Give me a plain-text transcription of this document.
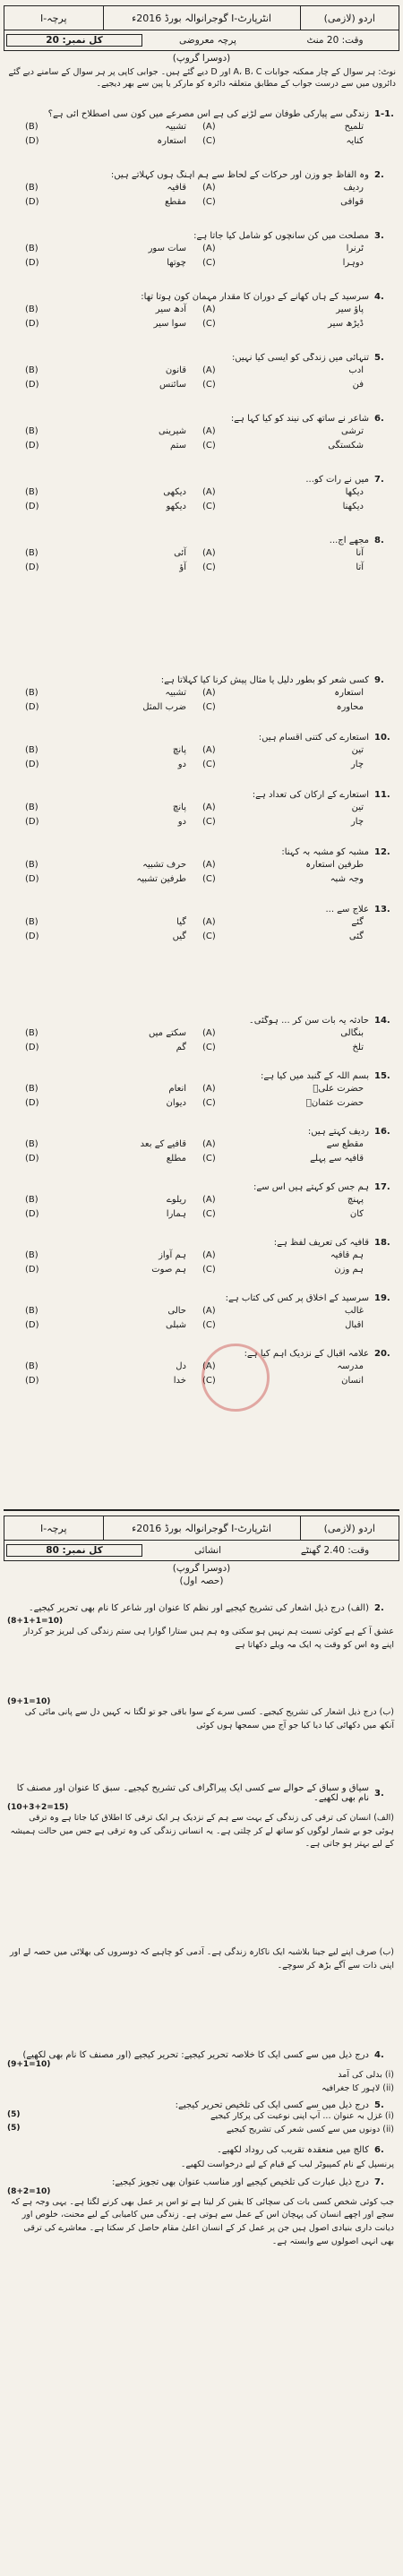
پرچہ-I	انٹرپارٹ-I گوجرانوالہ بورڈ 2016ء	اردو (لازمی)
کل نمبر: 20	پرچہ معروضی	وقت: 20 منٹ
(دوسرا گروپ)
نوٹ: ہر سوال کے چار ممکنہ جوابات A، B، C اور D دیے گئے ہیں۔ جوابی کاپی پر ہر سوال کے سامنے دیے گئے دائروں میں سے درست جواب کے مطابق متعلقہ دائرہ کو مارکر یا پین سے بھر دیجیے۔
1-1.
زندگی سے پیارکی طوفان سے لڑنے کی ہے اس مصرعے میں کون سی اصطلاح آئی ہے؟
تلمیح
(A)
تشبیہ
(B)
کنایہ
(C)
استعارہ
(D)
2.
وہ الفاظ جو وزن اور حرکات کے لحاظ سے ہم آہنگ ہوں کہلاتے ہیں:
ردیف
(A)
قافیہ
(B)
قوافی
(C)
مقطع
(D)
3.
مصلحت میں کن سانچوں کو شامل کیا جاتا ہے:
ٹرنرا
(A)
سات سور
(B)
دوہرا
(C)
چوتھا
(D)
4.
سرسید کے ہاں کھانے کے دوران کا مقدار مہمان کون ہوتا تھا:
پاؤ سیر
(A)
آدھ سیر
(B)
ڈیڑھ سیر
(C)
سوا سیر
(D)
5.
تنہائی میں زندگی کو ایسی کیا نہیں:
ادب
(A)
قانون
(B)
فن
(C)
سائنس
(D)
6.
شاعر نے ساتھ کی نیند کو کیا کہا ہے:
ترشی
(A)
شیرینی
(B)
شکستگی
(C)
ستم
(D)
7.
میں نے رات کو...
دیکھا
(A)
دیکھی
(B)
دیکھنا
(C)
دیکھو
(D)
8.
مجھے آج...
آنا
(A)
آئی
(B)
آتا
(C)
آؤ
(D)
9.
کسی شعر کو بطور دلیل یا مثال پیش کرنا کیا کہلاتا ہے:
استعارہ
(A)
تشبیہ
(B)
محاورہ
(C)
ضرب المثل
(D)
10.
استعارے کی کتنی اقسام ہیں:
تین
(A)
پانچ
(B)
چار
(C)
دو
(D)
11.
استعارے کے ارکان کی تعداد ہے:
تین
(A)
پانچ
(B)
چار
(C)
دو
(D)
12.
مشبہ کو مشبہ بہ کہنا:
طرفین استعارہ
(A)
حرف تشبیہ
(B)
وجہ شبہ
(C)
طرفین تشبیہ
(D)
13.
علاج سے ...
گئے
(A)
گیا
(B)
گئی
(C)
گیں
(D)
14.
حادثہ یہ بات سن کر ... ہوگئی۔
بنگالی
(A)
سکتے میں
(B)
تلخ
(C)
گم
(D)
15.
بسم اللہ کے گنبد میں کیا ہے:
حضرت علیؓ
(A)
انعام
(B)
حضرت عثمانؓ
(C)
دیوان
(D)
16.
ردیف کہتے ہیں:
مقطع سے
(A)
قافیے کے بعد
(B)
قافیہ سے پہلے
(C)
مطلع
(D)
17.
ہم جس کو کہتے ہیں اس سے:
پہنچ
(A)
ریلوے
(B)
کان
(C)
ہمارا
(D)
18.
قافیہ کی تعریف لفظ ہے:
ہم قافیہ
(A)
ہم آواز
(B)
ہم وزن
(C)
ہم صوت
(D)
19.
سرسید کے اخلاق پر کس کی کتاب ہے:
غالب
(A)
حالی
(B)
اقبال
(C)
شبلی
(D)
20.
علامہ اقبال کے نزدیک اہم کیا ہے:
مدرسہ
(A)
دل
(B)
انسان
(C)
خدا
(D)
پرچہ-I	انٹرپارٹ-I گوجرانوالہ بورڈ 2016ء	اردو (لازمی)
کل نمبر: 80	انشائی	وقت: 2.40 گھنٹے
(دوسرا گروپ)
(حصہ اول)
2.
(الف) درج ذیل اشعار کی تشریح کیجیے اور نظم کا عنوان اور شاعر کا نام بھی تحریر کیجیے۔
(8+1+1=10)
عشق آ کے ہے کوئی نسبت ہم نہیں ہو سکتی وہ ہم ہیں ستارا گوارا ہی ستم زندگی کی لبریز جو کردار اپنے وہ اس کو وقت پہ ایک مہ ویلے دکھاتا ہے
(9+1=10)
(ب) درج ذیل اشعار کی تشریح کیجیے۔ کسی سرے کے سوا باقی جو تو لگتا نہ کہیں دل سے پانی مائی کی آنکھ میں دکھائی کیا دیا کیا جو آج میں سمجھا ہوں کوئی
3.
سیاق و سباق کے حوالے سے کسی ایک پیراگراف کی تشریح کیجیے۔ سبق کا عنوان اور مصنف کا نام بھی لکھیے۔
(10+3+2=15)
(الف) انسان کی ترقی کی زندگی کے بہت سے ہم کے نزدیک ہر ایک ترقی کا اطلاق کیا جاتا ہے وہ ترقی ہوئی جو بے شمار لوگوں کو ساتھ لے کر چلتی ہے۔ یہ انسانی زندگی کی وہ ترقی ہے جس میں حالت ہمیشہ کے لیے بہتر ہو جاتی ہے۔
(ب) صرف اپنے لیے جینا بلاشبہ ایک ناکارہ زندگی ہے۔ آدمی کو چاہیے کہ دوسروں کی بھلائی میں حصہ لے اور اپنی ذات سے آگے بڑھ کر سوچے۔
4.
درج ذیل میں سے کسی ایک کا خلاصہ تحریر کیجیے: تحریر کیجیے (اور مصنف کا نام بھی لکھیے)
(9+1=10)
(i) بدلی کی آمد
(ii) لاہور کا جغرافیہ
5.
درج ذیل میں سے کسی ایک کی تلخیص تحریر کیجیے:
(5)	(i) غزل بہ عنوان ... آپ اپنی نوعیت کی پرکار کیجیے
(5)	(ii) دونوں میں سے کسی شعر کی تشریح کیجیے
6.
کالج میں منعقدہ تقریب کی روداد لکھیے۔
پرنسپل کے نام کمپیوٹر لیب کے قیام کے لیے درخواست لکھیے۔
7.
درج ذیل عبارت کی تلخیص کیجیے اور مناسب عنوان بھی تجویز کیجیے:
(8+2=10)
جب کوئی شخص کسی بات کی سچائی کا یقین کر لیتا ہے تو اس پر عمل بھی کرنے لگتا ہے۔ یہی وجہ ہے کہ سچے اور اچھے انسان کی پہچان اس کے عمل سے ہوتی ہے۔ زندگی میں کامیابی کے لیے محنت، خلوص اور دیانت داری بنیادی اصول ہیں جن پر عمل کر کے انسان اعلیٰ مقام حاصل کر سکتا ہے۔ معاشرے کی ترقی بھی انہی اصولوں سے وابستہ ہے۔
